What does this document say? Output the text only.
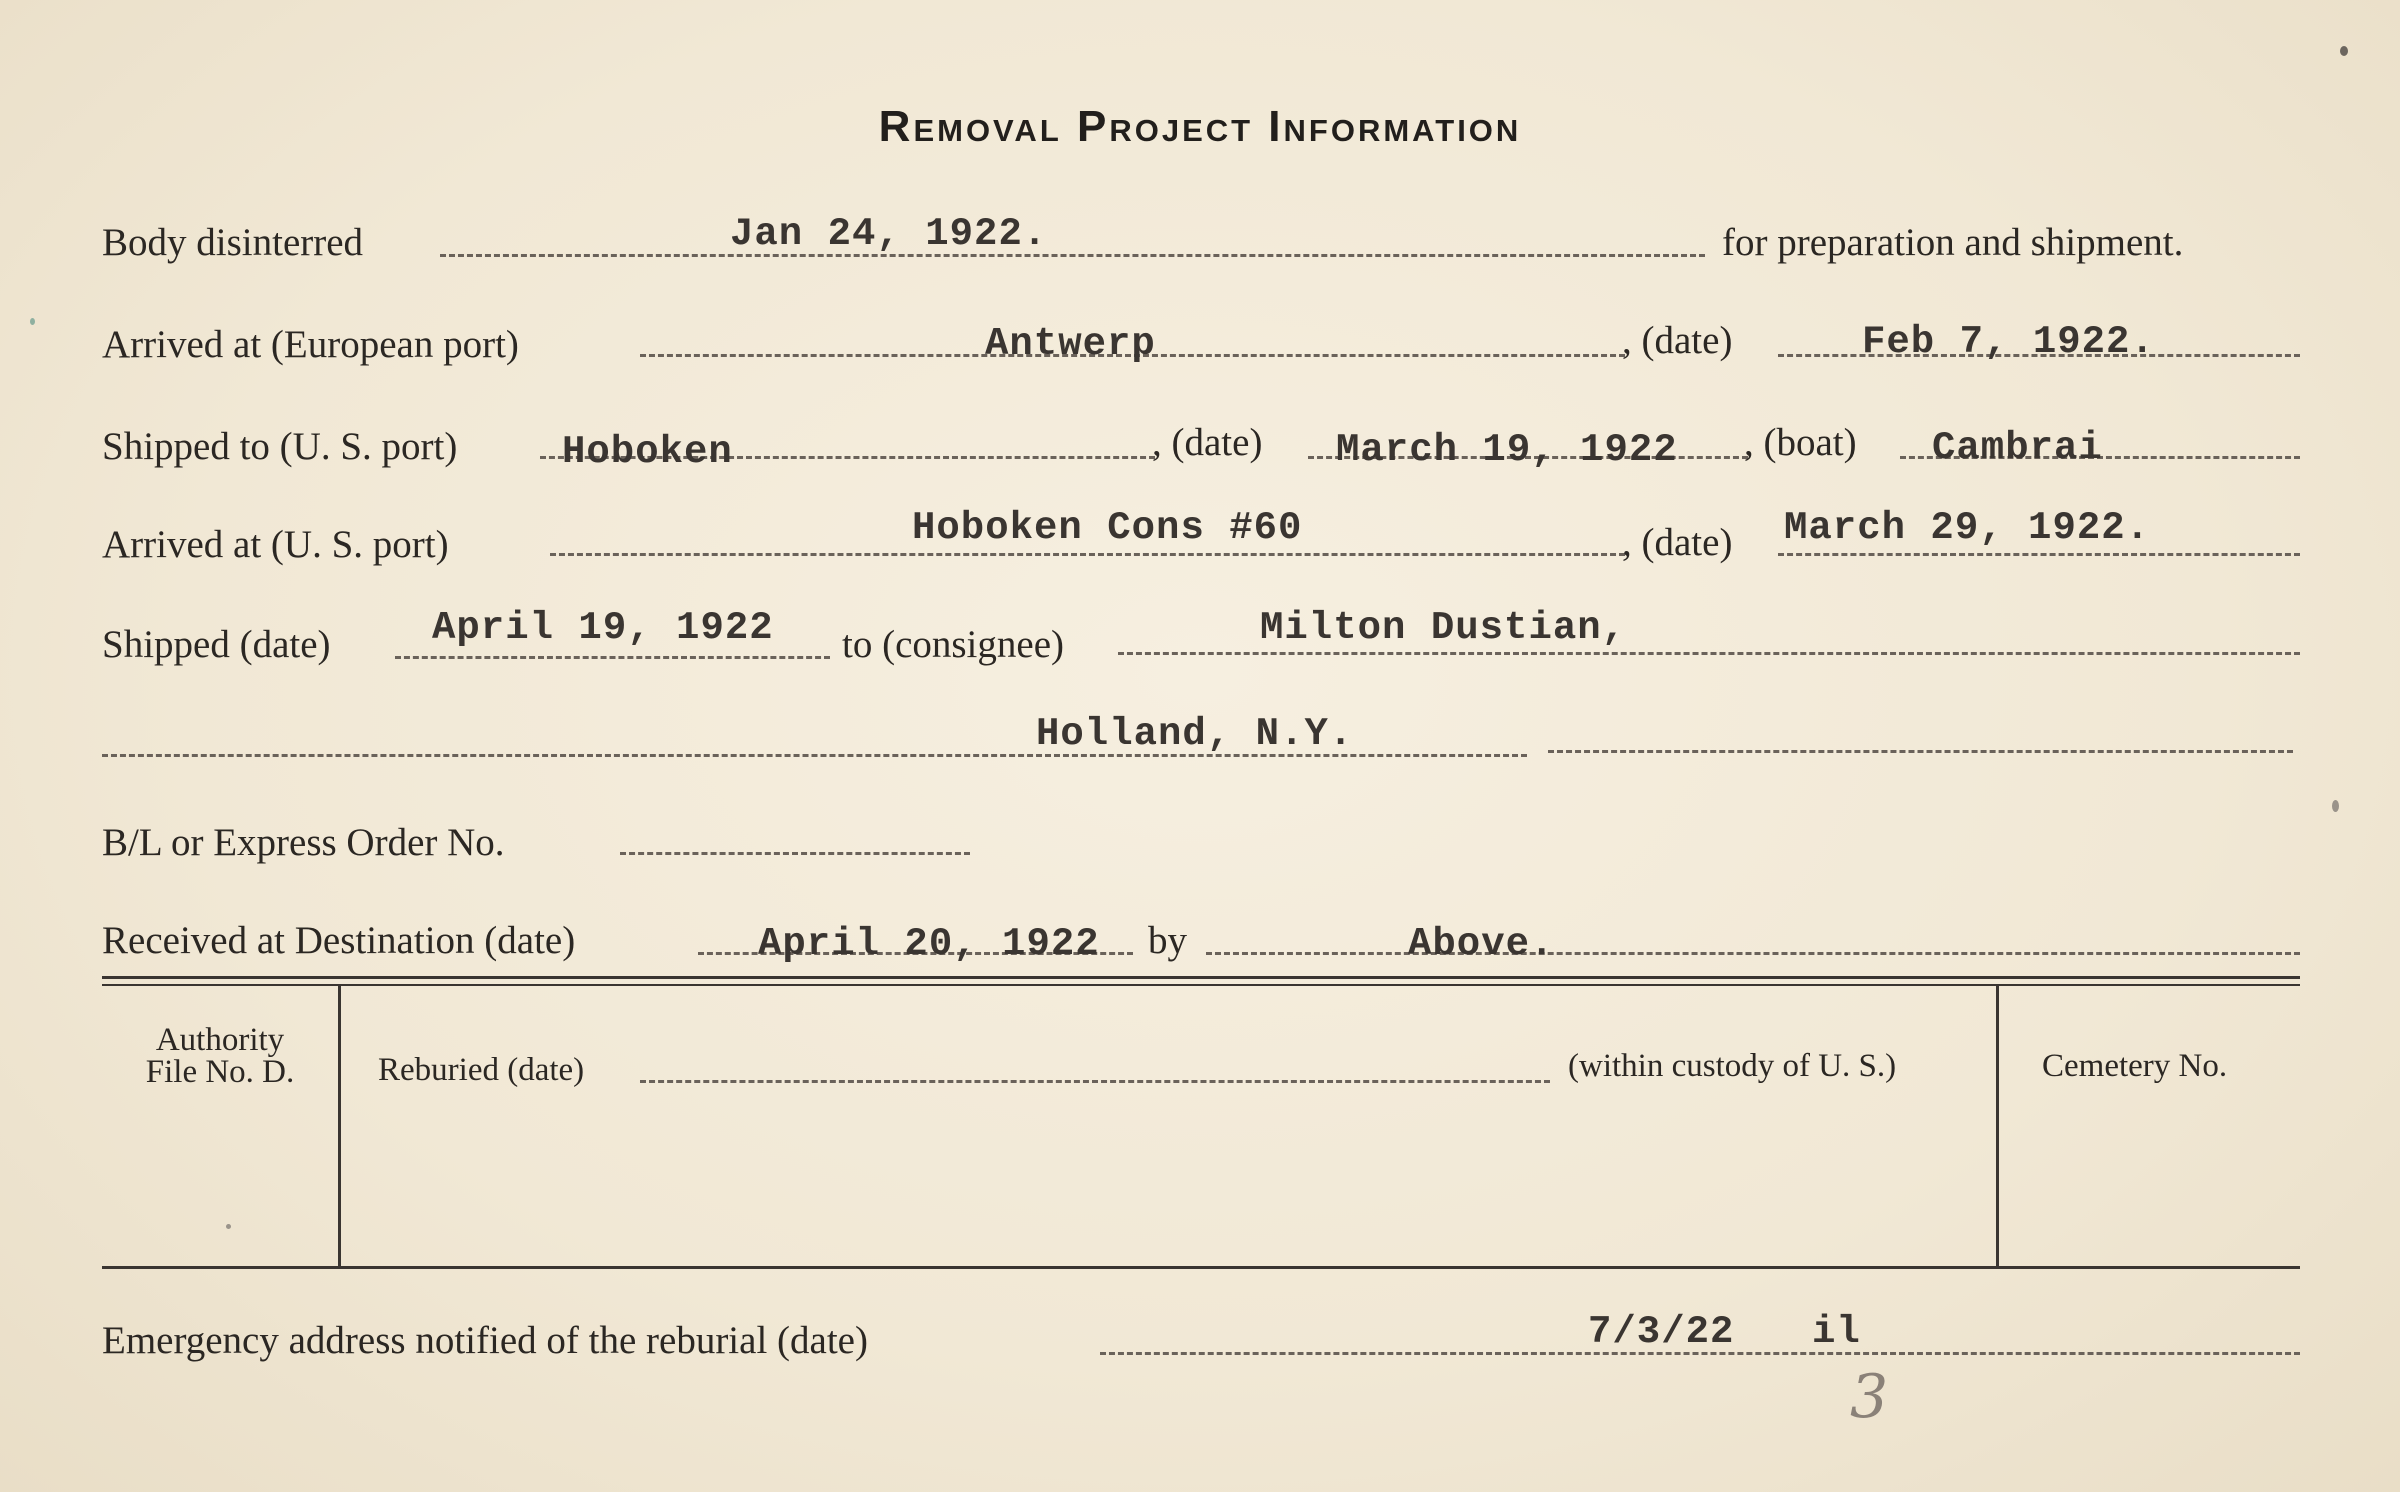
Removal Project Information
Body disinterred	Jan 24, 1922.	for preparation and shipment.
Arrived at (European port)	Antwerp	, (date)	Feb 7, 1922.
Shipped to (U. S. port)	Hoboken	, (date) March 19, 1922 , (boat) Cambrai
Arrived at (U. S. port)	Hoboken Cons #60	, (date) March 29, 1922.
Shipped (date)	April 19, 1922 to (consignee)	Milton Dustian,
Holland, N.Y.
B/L or Express Order No.
Received at Destination (date)	April 20, 1922 by	Above.
Authority
File No. D.	Reburied (date)	(within custody of U. S.)	Cemetery No.
Emergency address notified of the reburial (date)	7/3/22 il
3
